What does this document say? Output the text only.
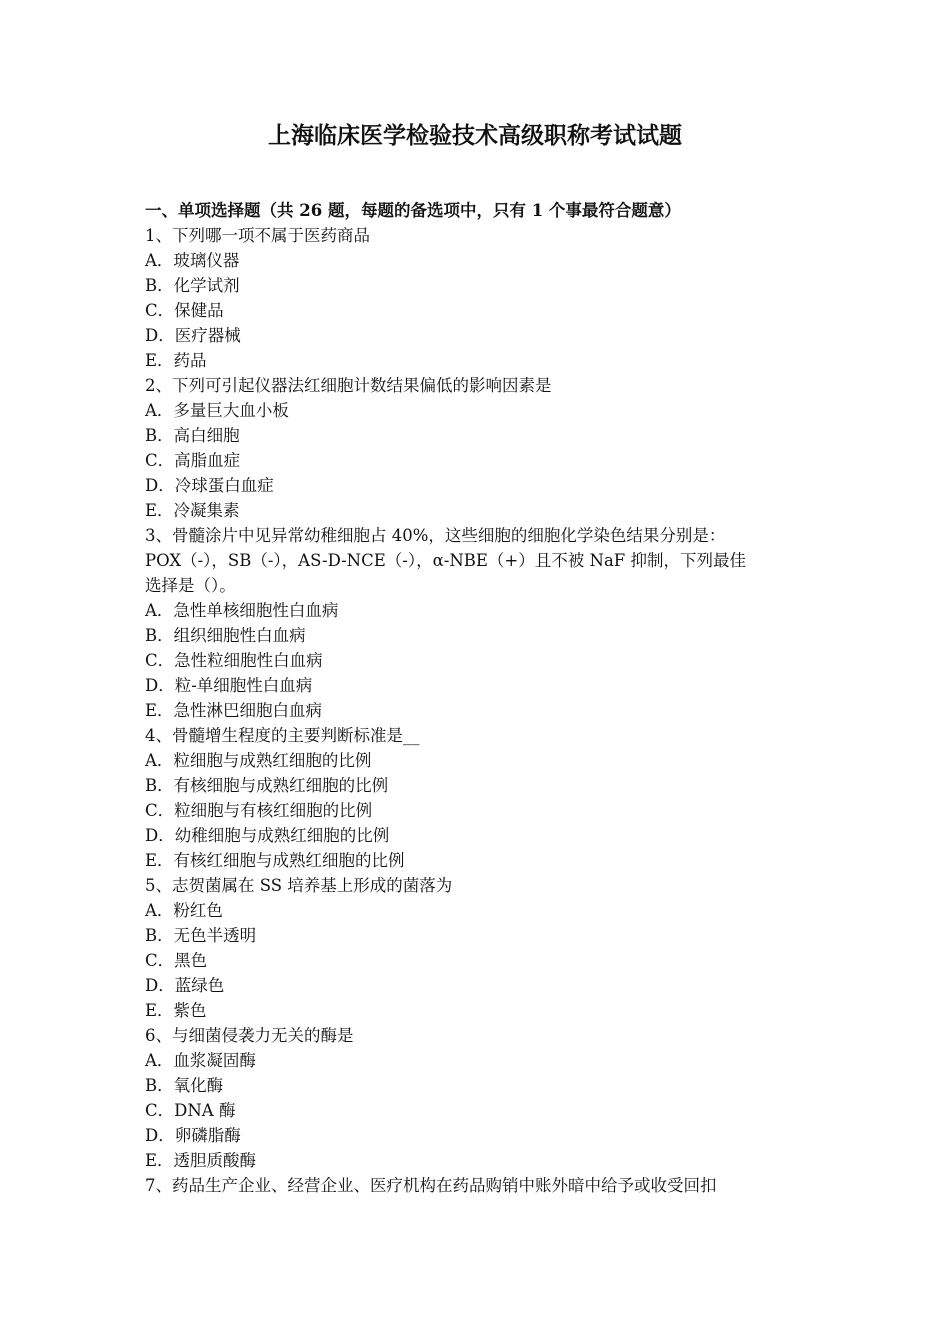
上海临床医学检验技术高级职称考试试题
一、单项选择题（共 26 题，每题的备选项中，只有 1 个事最符合题意）
1、下列哪一项不属于医药商品
A．玻璃仪器
B．化学试剂
C．保健品
D．医疗器械
E．药品
2、下列可引起仪器法红细胞计数结果偏低的影响因素是
A．多量巨大血小板
B．高白细胞
C．高脂血症
D．冷球蛋白血症
E．冷凝集素
3、骨髓涂片中见异常幼稚细胞占 40%，这些细胞的细胞化学染色结果分别是：
POX（-），SB（-），AS-D-NCE（-），α-NBE（+）且不被 NaF 抑制，下列最佳
选择是（）。
A．急性单核细胞性白血病
B．组织细胞性白血病
C．急性粒细胞性白血病
D．粒-单细胞性白血病
E．急性淋巴细胞白血病
4、骨髓增生程度的主要判断标准是__
A．粒细胞与成熟红细胞的比例
B．有核细胞与成熟红细胞的比例
C．粒细胞与有核红细胞的比例
D．幼稚细胞与成熟红细胞的比例
E．有核红细胞与成熟红细胞的比例
5、志贺菌属在 SS 培养基上形成的菌落为
A．粉红色
B．无色半透明
C．黑色
D．蓝绿色
E．紫色
6、与细菌侵袭力无关的酶是
A．血浆凝固酶
B．氧化酶
C．DNA 酶
D．卵磷脂酶
E．透胆质酸酶
7、药品生产企业、经营企业、医疗机构在药品购销中账外暗中给予或收受回扣
